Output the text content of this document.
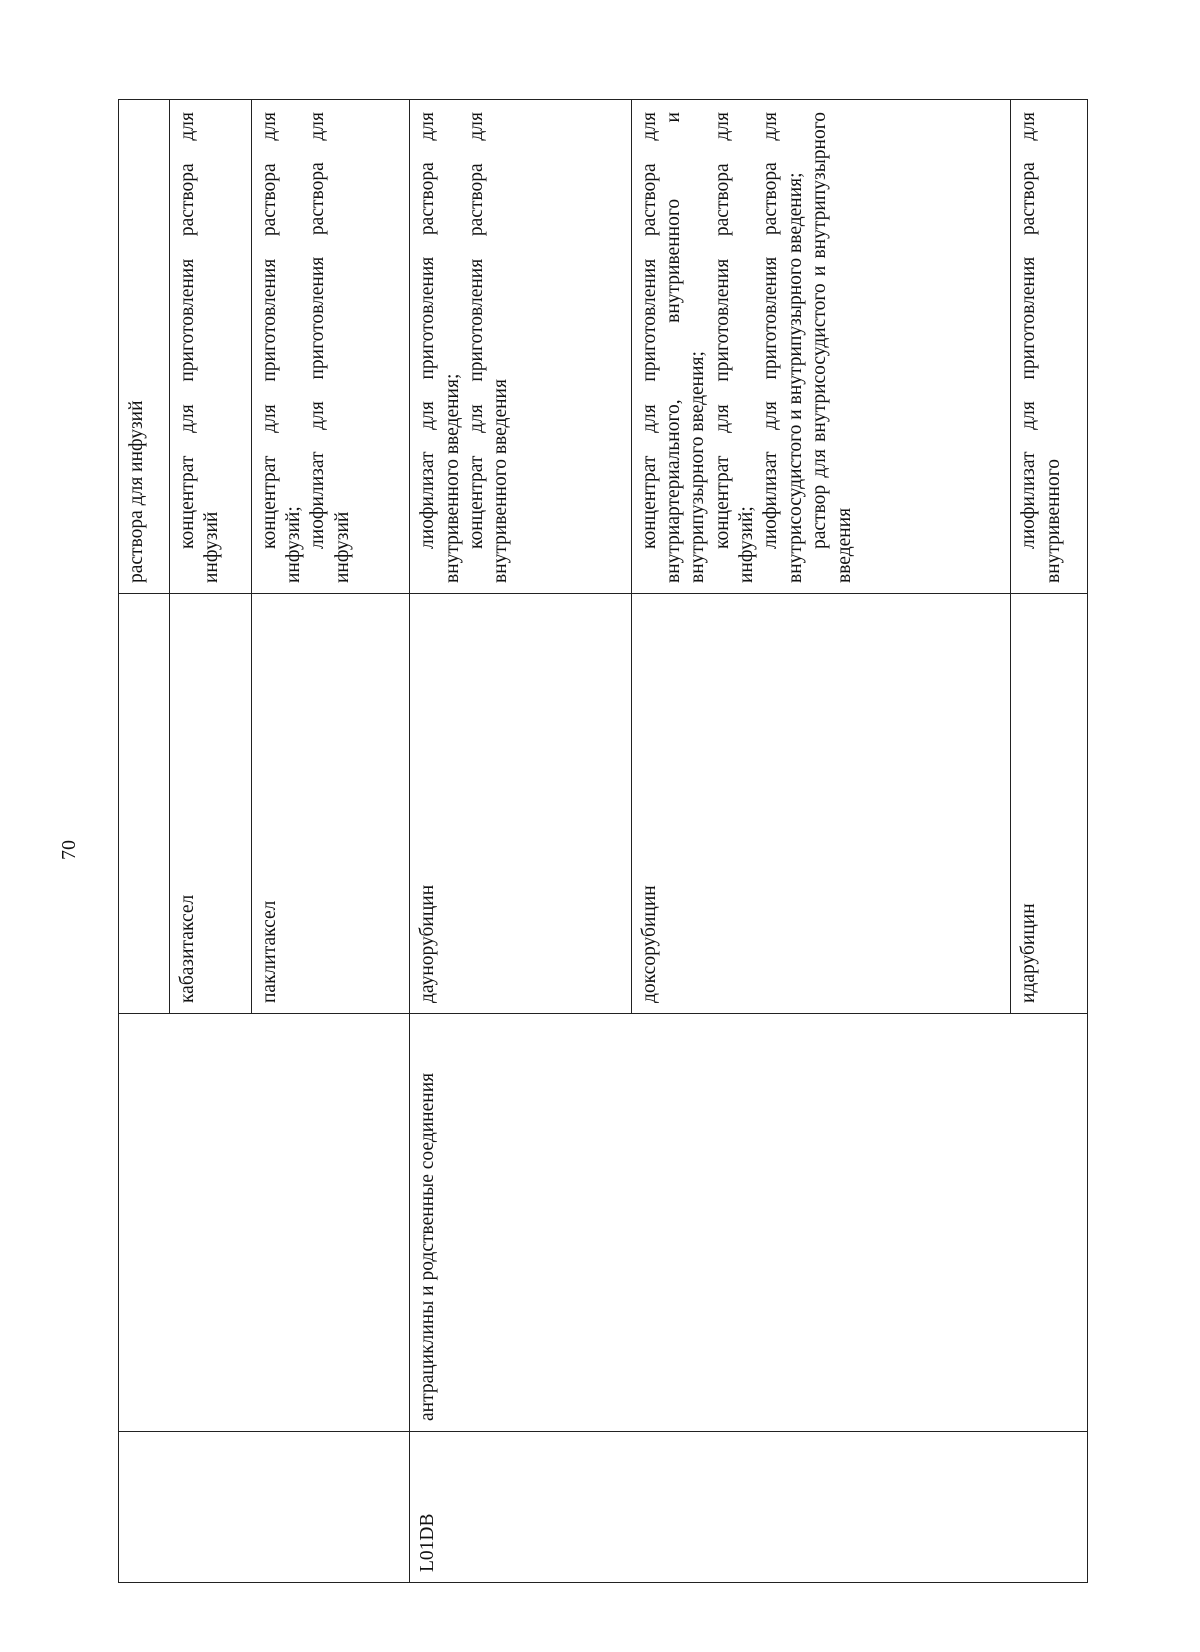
70

			раствора для инфузий

		кабазитаксел	концентрат для приготовления раствора для инфузий

		паклитаксел	концентрат для приготовления раствора для инфузий; лиофилизат для приготовления раствора для инфузий

L01DB	антрациклины и родственные соединения	даунорубицин	лиофилизат для приготовления раствора для внутривенного введения; концентрат для приготовления раствора для внутривенного введения

		доксорубицин	концентрат для приготовления раствора для внутриартериального, внутривенного и внутрипузырного введения; концентрат для приготовления раствора для инфузий; лиофилизат для приготовления раствора для внутрисосудистого и внутрипузырного введения; раствор для внутрисосудистого и внутрипузырного введения

		идарубицин	лиофилизат для приготовления раствора для внутривенного
